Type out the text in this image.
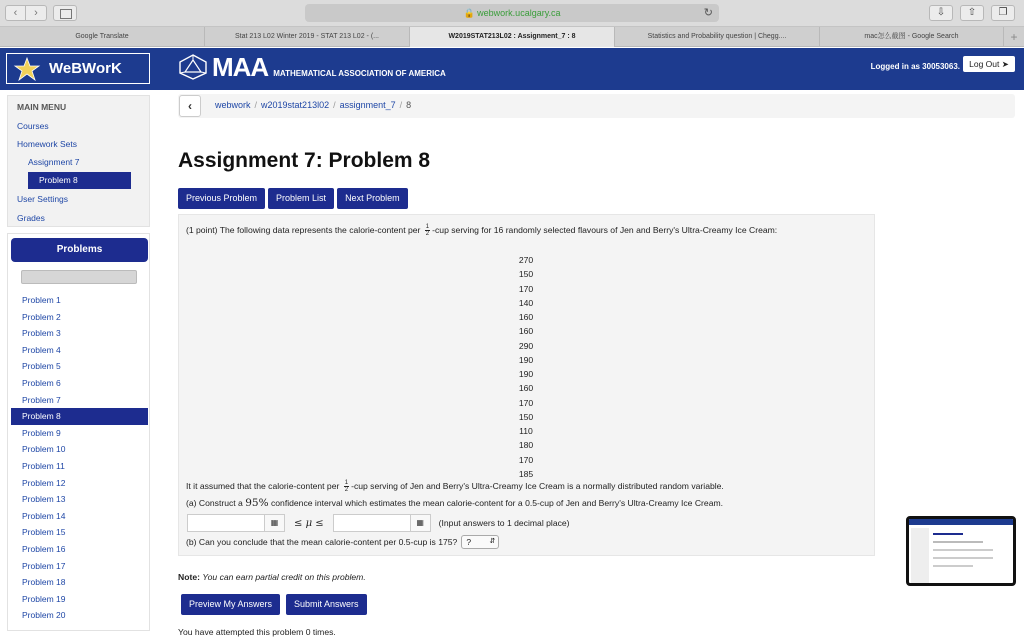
‹	›	🔒 webwork.ucalgary.ca	↻	⇩	⇧	❐
Google Translate	Stat 213 L02 Winter 2019 - STAT 213 L02 - (...	W2019STAT213L02 : Assignment_7 : 8	Statistics and Probability question | Chegg....	mac怎么截图 - Google Search	+
WeBWorK	MAA MATHEMATICAL ASSOCIATION OF AMERICA
Logged in as 30053063.	Log Out ➤
MAIN MENU
Courses
Homework Sets
Assignment 7
Problem 8
User Settings
Grades
Problems
Problem 1
Problem 2
Problem 3
Problem 4
Problem 5
Problem 6
Problem 7
Problem 8
Problem 9
Problem 10
Problem 11
Problem 12
Problem 13
Problem 14
Problem 15
Problem 16
Problem 17
Problem 18
Problem 19
Problem 20
‹	webwork / w2019stat213l02 / assignment_7 / 8
Assignment 7: Problem 8
Previous Problem	Problem List	Next Problem
(1 point) The following data represents the calorie-content per $\frac{1}{2} -cup$ serving for 16 randomly selected flavours of Jen and Berry's Ultra-Creamy Ice Cream:
270
150
170
140
160
160
290
190
190
160
170
150
110
180
170
185
It it assumed that the calorie-content per $\frac{1}{2} -cup$ serving of Jen and Berry's Ultra-Creamy Ice Cream is a normally distributed random variable.
(a) Construct a 95% confidence interval which estimates the mean calorie-content for a 0.5-cup of Jen and Berry's Ultra-Creamy Ice Cream.
▦	≤ μ ≤	▦	(Input answers to 1 decimal place)
(b) Can you conclude that the mean calorie-content per 0.5-cup is 175?	?	⇵
Note: You can earn partial credit on this problem.
Preview My Answers	Submit Answers
You have attempted this problem 0 times.
